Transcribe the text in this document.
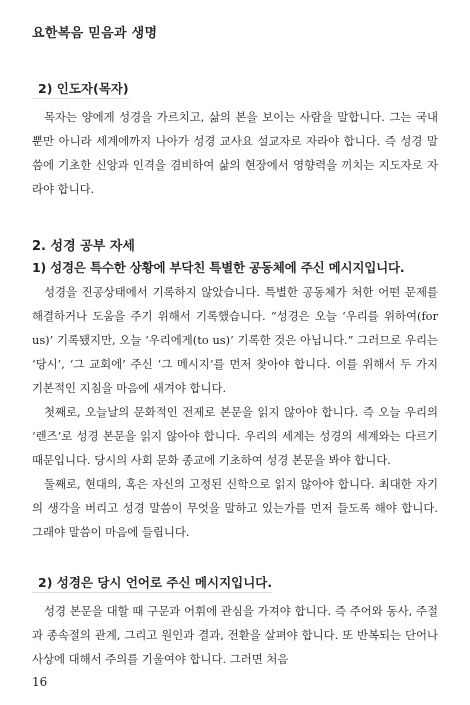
요한복음 믿음과 생명
2) 인도자(목자)

목자는 양에게 성경을 가르치고, 삶의 본을 보이는 사람을 말합니다. 그는 국내뿐만 아니라 세계에까지 나아가 성경 교사요 설교자로 자라야 합니다. 즉 성경 말씀에 기초한 신앙과 인격을 겸비하여 삶의 현장에서 영향력을 끼치는 지도자로 자라야 합니다.

2. 성경 공부 자세
1) 성경은 특수한 상황에 부닥친 특별한 공동체에 주신 메시지입니다.

성경을 진공상태에서 기록하지 않았습니다. 특별한 공동체가 처한 어떤 문제를 해결하거나 도움을 주기 위해서 기록했습니다. “성경은 오늘 ‘우리를 위하여(for us)’ 기록됐지만, 오늘 ‘우리에게(to us)’ 기록한 것은 아닙니다.” 그러므로 우리는 ‘당시’, ‘그 교회에’ 주신 ‘그 메시지’를 먼저 찾아야 합니다. 이를 위해서 두 가지 기본적인 지침을 마음에 새겨야 합니다.

첫째로, 오늘날의 문화적인 전제로 본문을 읽지 않아야 합니다. 즉 오늘 우리의 ‘렌즈’로 성경 본문을 읽지 않아야 합니다. 우리의 세계는 성경의 세계와는 다르기 때문입니다. 당시의 사회 문화 종교에 기초하여 성경 본문을 봐야 합니다.

둘째로, 현대의, 혹은 자신의 고정된 신학으로 읽지 않아야 합니다. 최대한 자기의 생각을 버리고 성경 말씀이 무엇을 말하고 있는가를 먼저 들도록 해야 합니다. 그래야 말씀이 마음에 들립니다.

2) 성경은 당시 언어로 주신 메시지입니다.

성경 본문을 대할 때 구문과 어휘에 관심을 가져야 합니다. 즉 주어와 동사, 주절과 종속절의 관계, 그리고 원인과 결과, 전환을 살펴야 합니다. 또 반복되는 단어나 사상에 대해서 주의를 기울여야 합니다. 그러면 처음

16
